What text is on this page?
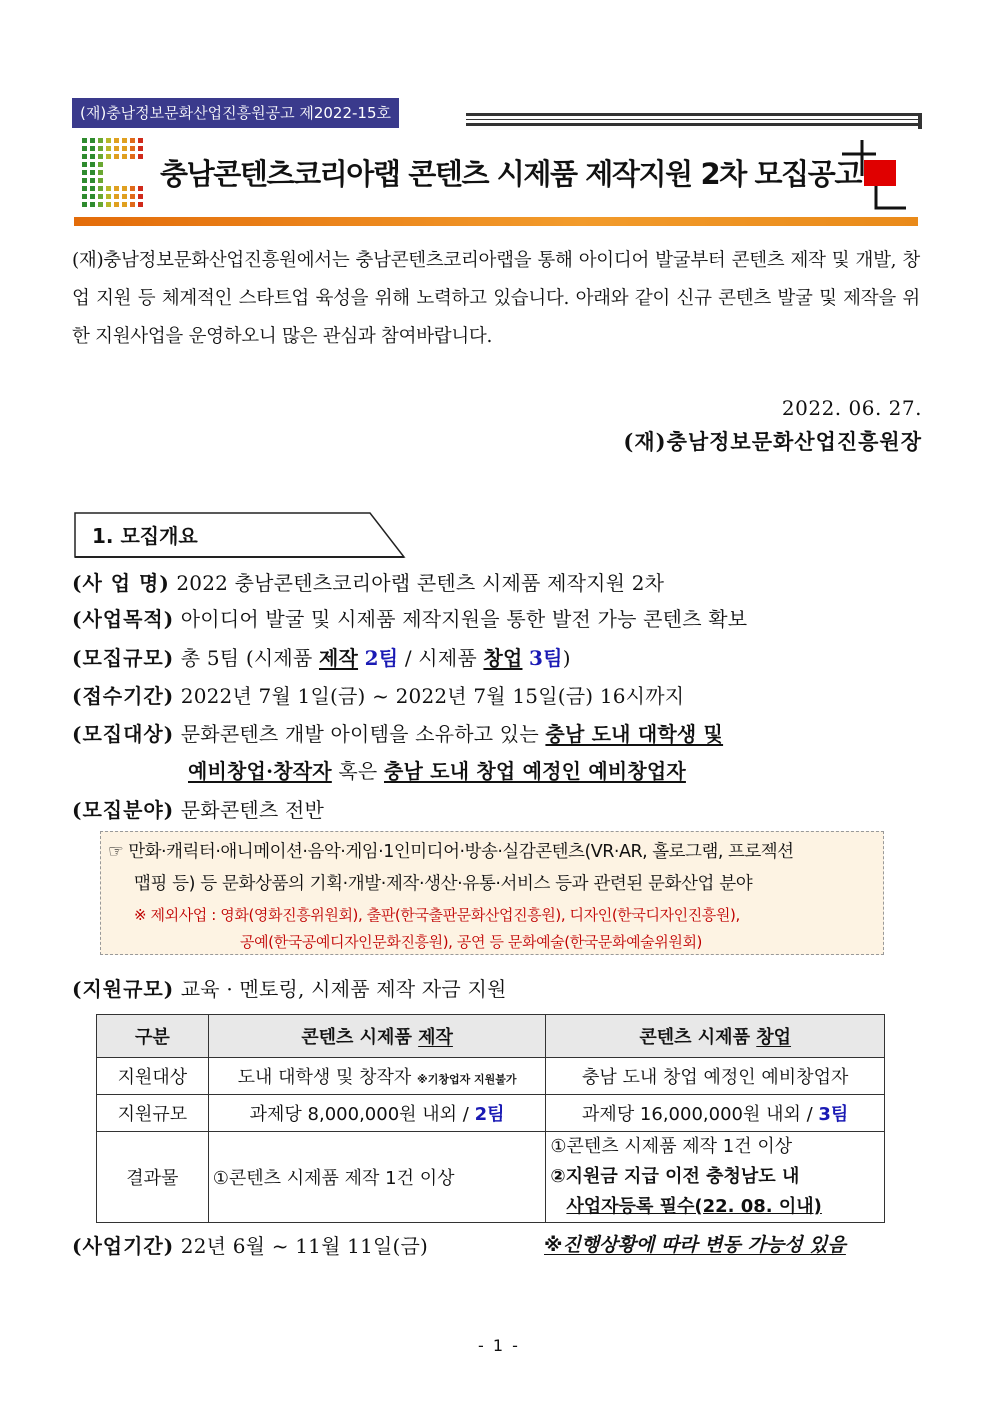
(재)충남정보문화산업진흥원공고 제2022-15호
충남콘텐츠코리아랩 콘텐츠 시제품 제작지원 2차 모집공고
(재)충남정보문화산업진흥원에서는 충남콘텐츠코리아랩을 통해 아이디어 발굴부터 콘텐츠 제작 및 개발, 창업 지원 등 체계적인 스타트업 육성을 위해 노력하고 있습니다. 아래와 같이 신규 콘텐츠 발굴 및 제작을 위한 지원사업을 운영하오니 많은 관심과 참여바랍니다.
2022. 06. 27.
(재)충남정보문화산업진흥원장
1. 모집개요
(사 업 명) 2022 충남콘텐츠코리아랩 콘텐츠 시제품 제작지원 2차
(사업목적) 아이디어 발굴 및 시제품 제작지원을 통한 발전 가능 콘텐츠 확보
(모집규모) 총 5팀 (시제품 제작 2팀 / 시제품 창업 3팀)
(접수기간) 2022년 7월 1일(금) ~ 2022년 7월 15일(금) 16시까지
(모집대상) 문화콘텐츠 개발 아이템을 소유하고 있는 충남 도내 대학생 및
예비창업·창작자 혹은 충남 도내 창업 예정인 예비창업자
(모집분야) 문화콘텐츠 전반
☞ 만화·캐릭터·애니메이션·음악·게임·1인미디어·방송·실감콘텐츠(VR·AR, 홀로그램, 프로젝션
맵핑 등) 등 문화상품의 기획·개발·제작·생산·유통·서비스 등과 관련된 문화산업 분야
※ 제외사업 : 영화(영화진흥위원회), 출판(한국출판문화산업진흥원), 디자인(한국디자인진흥원),
공예(한국공예디자인문화진흥원), 공연 등 문화예술(한국문화예술위원회)
(지원규모) 교육 · 멘토링, 시제품 제작 자금 지원
구분	콘텐츠 시제품 제작	콘텐츠 시제품 창업
지원대상	도내 대학생 및 창작자 ※기창업자 지원불가	충남 도내 창업 예정인 예비창업자
지원규모	과제당 8,000,000원 내외 / 2팀	과제당 16,000,000원 내외 / 3팀
결과물	①콘텐츠 시제품 제작 1건 이상	①콘텐츠 시제품 제작 1건 이상
②지원금 지급 이전 충청남도 내
사업자등록 필수(22. 08. 이내)
(사업기간) 22년 6월 ~ 11월 11일(금)	※진행상황에 따라 변동 가능성 있음
- 1 -
